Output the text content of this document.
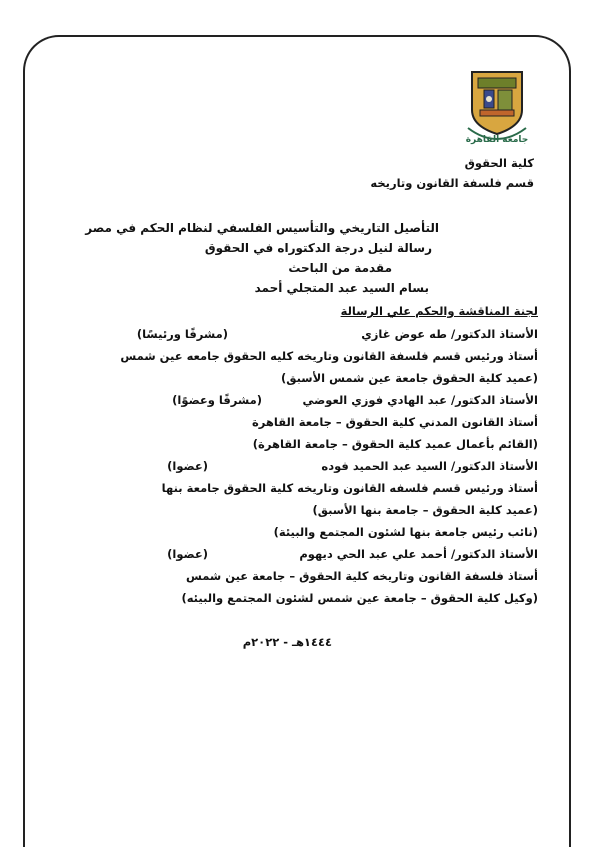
جامعة القاهرة
كلية الحقوق
قسم فلسفة القانون وتاريخه
التأصيل التاريخي والتأسيس الفلسفي لنظام الحكم في مصر
رسالة لنيل درجة الدكتوراه في الحقوق
مقدمة من الباحث
بسام السيد عبد المتجلي أحمد
لجنة المناقشة والحكم علي الرسالة
الأستاذ الدكتور/ طه عوض غازي
(مشرفًا ورئيسًا)
أستاذ ورئيس قسم فلسفة القانون وتاريخه كليه الحقوق جامعه عين شمس
(عميد كلية الحقوق جامعة عين شمس الأسبق)
الأستاذ الدكتور/ عبد الهادي فوزي العوضي
(مشرفًا وعضوًا)
أستاذ القانون المدني كلية الحقوق – جامعة القاهرة
(القائم بأعمال عميد كلية الحقوق – جامعة القاهرة)
الأستاذ الدكتور/ السيد عبد الحميد فوده
(عضوا)
أستاذ ورئيس قسم فلسفه القانون وتاريخه كلية الحقوق جامعة بنها
(عميد كلية الحقوق – جامعة بنها الأسبق)
(نائب رئيس جامعة بنها لشئون المجتمع والبيئة)
الأستاذ الدكتور/ أحمد علي عبد الحي ديهوم
(عضوا)
أستاذ فلسفة القانون وتاريخه كلية الحقوق – جامعة عين شمس
(وكيل كلية الحقوق – جامعة عين شمس لشئون المجتمع والبيئه)
١٤٤٤هـ - ٢٠٢٢م
